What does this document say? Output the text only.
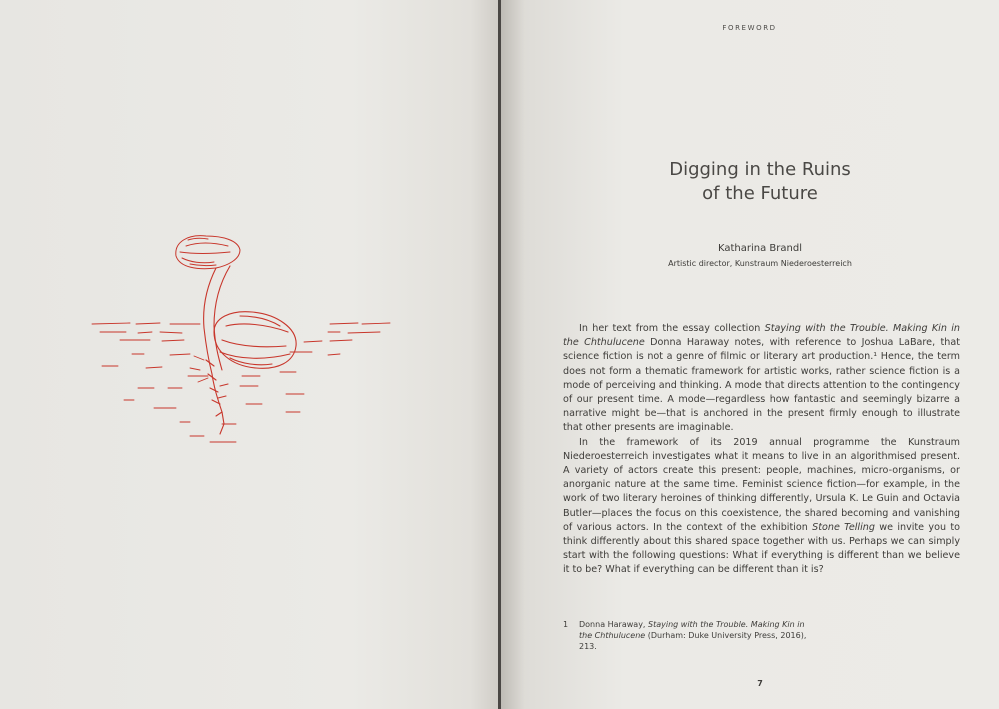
FOREWORD
Digging in the Ruins
of the Future
Katharina Brandl
Artistic director, Kunstraum Niederoesterreich

In her text from the essay collection Staying with the Trouble. Making Kin in the Chthulucene Donna Haraway notes, with reference to Joshua LaBare, that science fiction is not a genre of filmic or literary art production.¹ Hence, the term does not form a thematic framework for artistic works, rather science fiction is a mode of perceiving and thinking. A mode that directs attention to the contingency of our present time. A mode—regardless how fantastic and seemingly bizarre a narrative might be—that is anchored in the present firmly enough to illustrate that other presents are imaginable.

In the framework of its 2019 annual programme the Kunstraum Niederoesterreich investigates what it means to live in an algorithmised present. A variety of actors create this present: people, machines, micro-organisms, or anorganic nature at the same time. Feminist science fiction—for example, in the work of two literary heroines of thinking differently, Ursula K. Le Guin and Octavia Butler—places the focus on this coexistence, the shared becoming and vanishing of various actors. In the context of the exhibition Stone Telling we invite you to think differently about this shared space together with us. Perhaps we can simply start with the following questions: What if everything is different than we believe it to be? What if everything can be different than it is?

1 Donna Haraway, Staying with the Trouble. Making Kin in the Chthulucene (Durham: Duke University Press, 2016), 213.
7
